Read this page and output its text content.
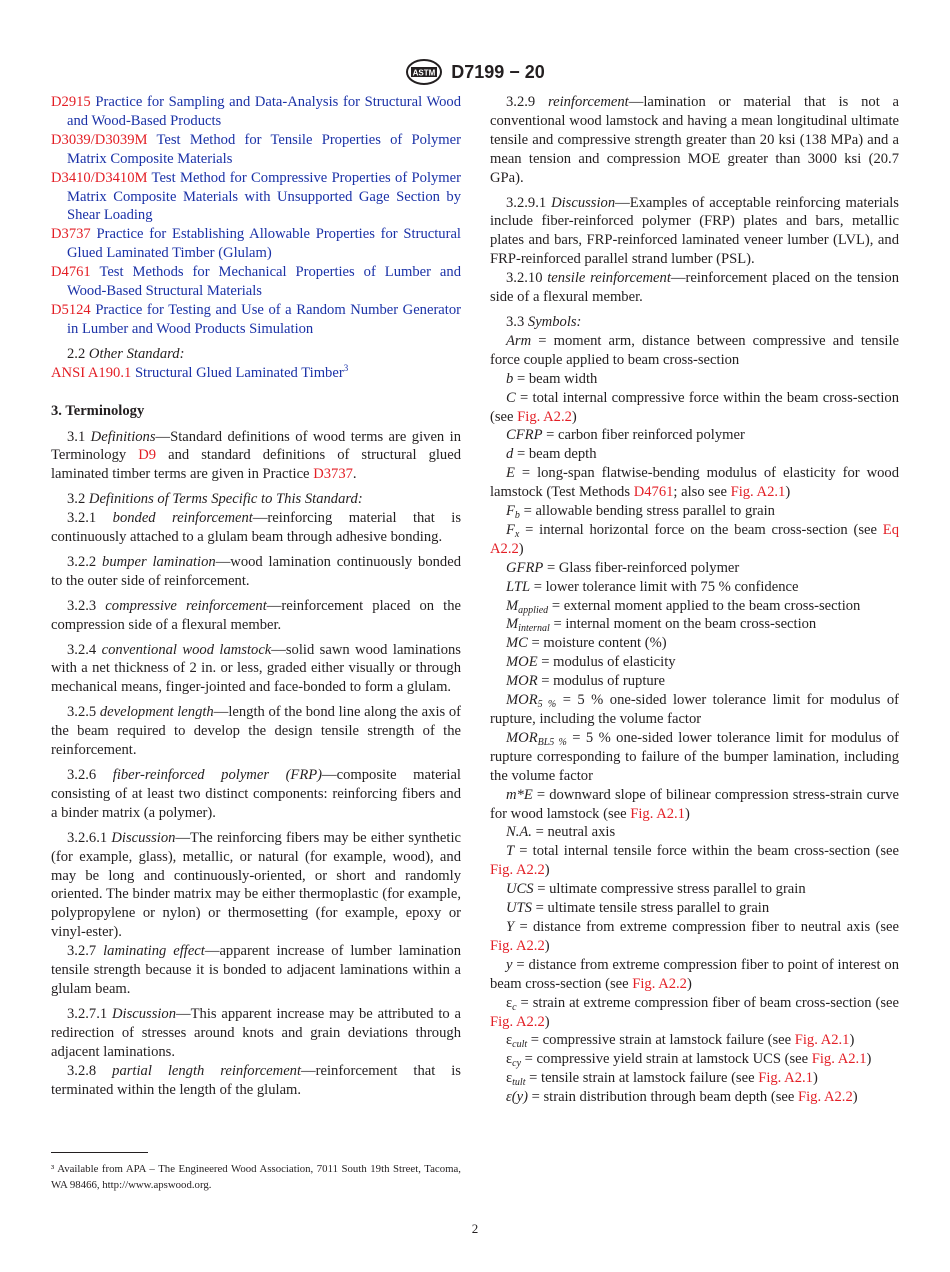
ASTM D7199 − 20

D2915 Practice for Sampling and Data-Analysis for Structural Wood and Wood-Based Products

D3039/D3039M Test Method for Tensile Properties of Polymer Matrix Composite Materials

D3410/D3410M Test Method for Compressive Properties of Polymer Matrix Composite Materials with Unsupported Gage Section by Shear Loading

D3737 Practice for Establishing Allowable Properties for Structural Glued Laminated Timber (Glulam)

D4761 Test Methods for Mechanical Properties of Lumber and Wood-Based Structural Materials

D5124 Practice for Testing and Use of a Random Number Generator in Lumber and Wood Products Simulation

2.2 Other Standard:

ANSI A190.1 Structural Glued Laminated Timber$^3$

3. Terminology

3.1 Definitions—Standard definitions of wood terms are given in Terminology D9 and standard definitions of structural glued laminated timber terms are given in Practice D3737.

3.2 Definitions of Terms Specific to This Standard:

3.2.1 bonded reinforcement—reinforcing material that is continuously attached to a glulam beam through adhesive bonding.

3.2.2 bumper lamination—wood lamination continuously bonded to the outer side of reinforcement.

3.2.3 compressive reinforcement—reinforcement placed on the compression side of a flexural member.

3.2.4 conventional wood lamstock—solid sawn wood laminations with a net thickness of 2 in. or less, graded either visually or through mechanical means, finger-jointed and face-bonded to form a glulam.

3.2.5 development length—length of the bond line along the axis of the beam required to develop the design tensile strength of the reinforcement.

3.2.6 fiber-reinforced polymer (FRP)—composite material consisting of at least two distinct components: reinforcing fibers and a binder matrix (a polymer).

3.2.6.1 Discussion—The reinforcing fibers may be either synthetic (for example, glass), metallic, or natural (for example, wood), and may be long and continuously-oriented, or short and randomly oriented. The binder matrix may be either thermoplastic (for example, polypropylene or nylon) or thermosetting (for example, epoxy or vinyl-ester).

3.2.7 laminating effect—apparent increase of lumber lamination tensile strength because it is bonded to adjacent laminations within a glulam beam.

3.2.7.1 Discussion—This apparent increase may be attributed to a redirection of stresses around knots and grain deviations through adjacent laminations.

3.2.8 partial length reinforcement—reinforcement that is terminated within the length of the glulam.

³ Available from APA – The Engineered Wood Association, 7011 South 19th Street, Tacoma, WA 98466, http://www.apswood.org.

3.2.9 reinforcement—lamination or material that is not a conventional wood lamstock and having a mean longitudinal ultimate tensile and compressive strength greater than 20 ksi (138 MPa) and a mean tension and compression MOE greater than 3000 ksi (20.7 GPa).

3.2.9.1 Discussion—Examples of acceptable reinforcing materials include fiber-reinforced polymer (FRP) plates and bars, metallic plates and bars, FRP-reinforced laminated veneer lumber (LVL), and FRP-reinforced parallel strand lumber (PSL).

3.2.10 tensile reinforcement—reinforcement placed on the tension side of a flexural member.

3.3 Symbols:

Arm = moment arm, distance between compressive and tensile force couple applied to beam cross-section

b = beam width

C = total internal compressive force within the beam cross-section (see Fig. A2.2)

CFRP = carbon fiber reinforced polymer

d = beam depth

E = long-span flatwise-bending modulus of elasticity for wood lamstock (Test Methods D4761; also see Fig. A2.1)

$F_b$ = allowable bending stress parallel to grain

$F_x$ = internal horizontal force on the beam cross-section (see Eq A2.2)

GFRP = Glass fiber-reinforced polymer

LTL = lower tolerance limit with 75 % confidence

$M_{applied}$ = external moment applied to the beam cross-section

$M_{internal}$ = internal moment on the beam cross-section

MC = moisture content (%)

MOE = modulus of elasticity

MOR = modulus of rupture

$MOR_{5 \%} = 5$ % one-sided lower tolerance limit for modulus of rupture, including the volume factor

$MOR_{BL5 \%} = 5$ % one-sided lower tolerance limit for modulus of rupture corresponding to failure of the bumper lamination, including the volume factor

m*E = downward slope of bilinear compression stress-strain curve for wood lamstock (see Fig. A2.1)

N.A. = neutral axis

T = total internal tensile force within the beam cross-section (see Fig. A2.2)

UCS = ultimate compressive stress parallel to grain

UTS = ultimate tensile stress parallel to grain

Y = distance from extreme compression fiber to neutral axis (see Fig. A2.2)

y = distance from extreme compression fiber to point of interest on beam cross-section (see Fig. A2.2)

$\varepsilon_c$ = strain at extreme compression fiber of beam cross-section (see Fig. A2.2)

$\varepsilon_{cult}$ = compressive strain at lamstock failure (see Fig. A2.1)

$\varepsilon_{cy}$ = compressive yield strain at lamstock UCS (see Fig. A2.1)

$\varepsilon_{tult}$ = tensile strain at lamstock failure (see Fig. A2.1)

ε(y) = strain distribution through beam depth (see Fig. A2.2)

2
